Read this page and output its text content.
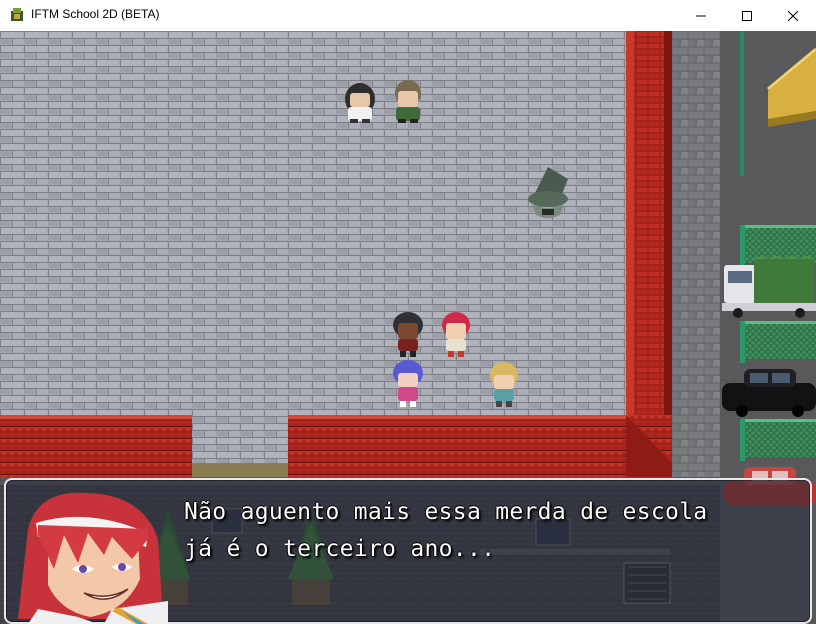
IFTM School 2D (BETA)
Não aguento mais essa merda de escola
já é o terceiro ano...
